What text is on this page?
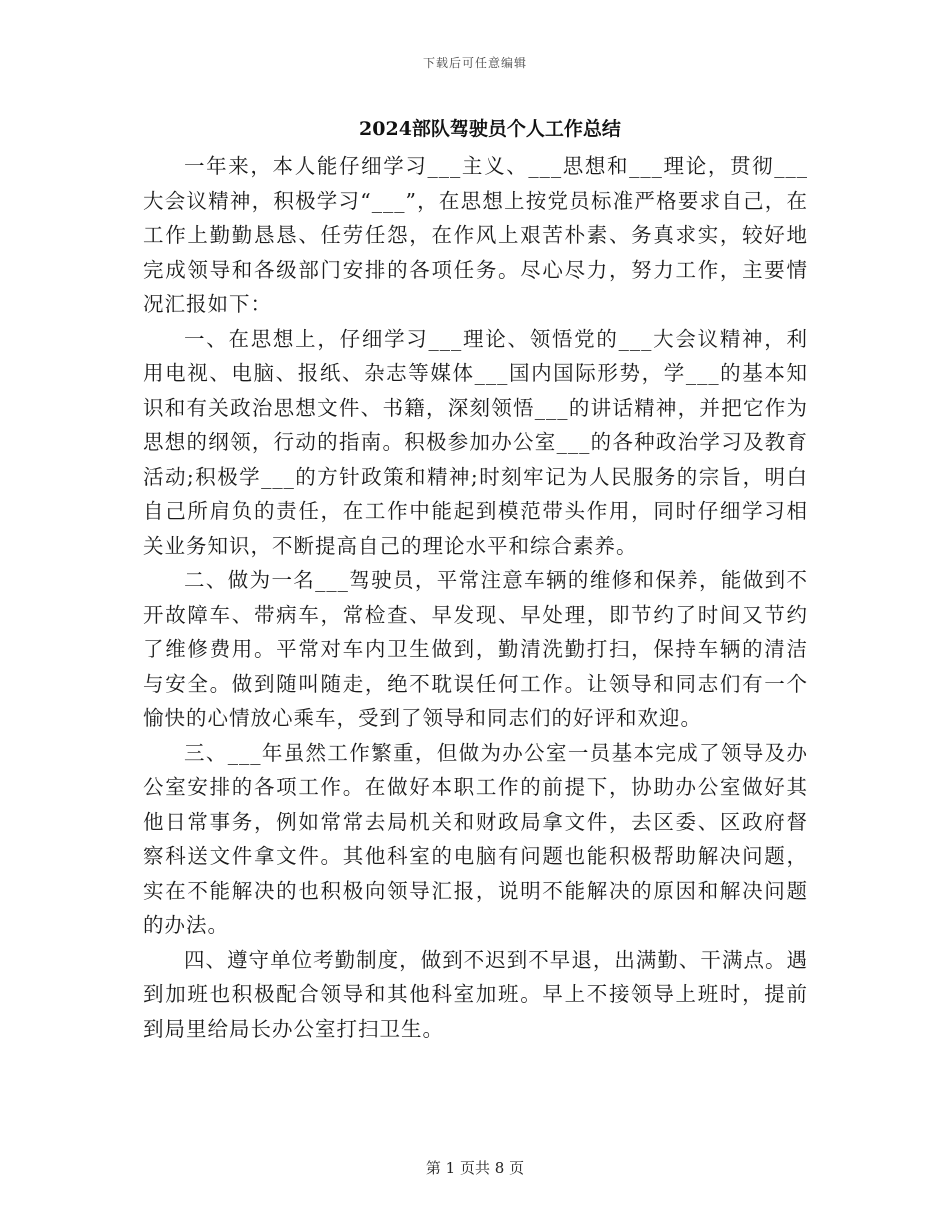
下载后可任意编辑
2024部队驾驶员个人工作总结

一年来，本人能仔细学习___主义、___思想和___理论，贯彻___大会议精神，积极学习“___”，在思想上按党员标准严格要求自己，在工作上勤勤恳恳、任劳任怨，在作风上艰苦朴素、务真求实，较好地完成领导和各级部门安排的各项任务。尽心尽力，努力工作，主要情况汇报如下：

一、在思想上，仔细学习___理论、领悟党的___大会议精神，利用电视、电脑、报纸、杂志等媒体___国内国际形势，学___的基本知识和有关政治思想文件、书籍，深刻领悟___的讲话精神，并把它作为思想的纲领，行动的指南。积极参加办公室___的各种政治学习及教育活动;积极学___的方针政策和精神;时刻牢记为人民服务的宗旨，明白自己所肩负的责任，在工作中能起到模范带头作用，同时仔细学习相关业务知识，不断提高自己的理论水平和综合素养。

二、做为一名___驾驶员，平常注意车辆的维修和保养，能做到不开故障车、带病车，常检查、早发现、早处理，即节约了时间又节约了维修费用。平常对车内卫生做到，勤清洗勤打扫，保持车辆的清洁与安全。做到随叫随走，绝不耽误任何工作。让领导和同志们有一个愉快的心情放心乘车，受到了领导和同志们的好评和欢迎。

三、___年虽然工作繁重，但做为办公室一员基本完成了领导及办公室安排的各项工作。在做好本职工作的前提下，协助办公室做好其他日常事务，例如常常去局机关和财政局拿文件，去区委、区政府督察科送文件拿文件。其他科室的电脑有问题也能积极帮助解决问题，实在不能解决的也积极向领导汇报，说明不能解决的原因和解决问题的办法。

四、遵守单位考勤制度，做到不迟到不早退，出满勤、干满点。遇到加班也积极配合领导和其他科室加班。早上不接领导上班时，提前到局里给局长办公室打扫卫生。

第 1 页共 8 页
